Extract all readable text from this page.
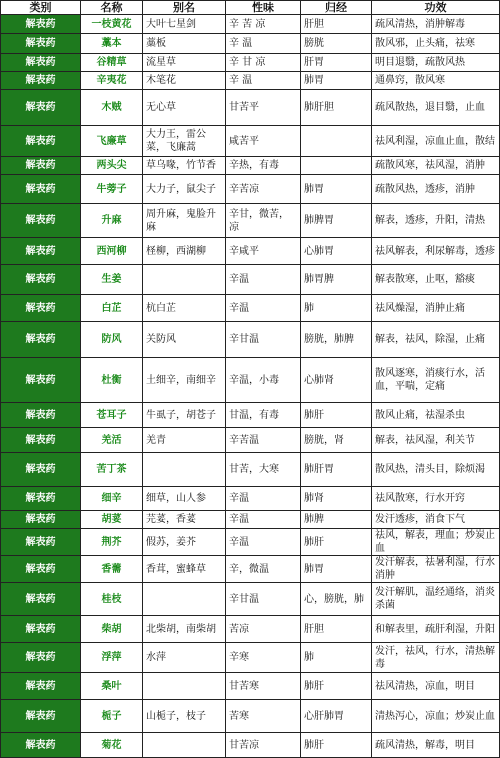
类别	名称	别名	性味	归经	功效
解表药	一枝黄花	大叶七星剑	辛 苦 凉	肝胆	疏风清热，消肿解毒
解表药	藁本	藁板	辛 温	膀胱	散风邪，止头痛，祛寒
解表药	谷精草	流星草	辛 甘 凉	肝胃	明目退翳，疏散风热
解表药	辛夷花	木笔花	辛 温	肺胃	通鼻窍，散风寒
解表药	木贼	无心草	甘苦平	肺肝胆	疏风散热，退目翳，止血
解表药	飞廉草	大力王，雷公菜，飞廉蒿	咸苦平		祛风利湿，凉血止血，散结
解表药	两头尖	草乌喙，竹节香	辛热，有毒		疏散风寒，祛风湿，消肿
解表药	牛蒡子	大力子，鼠尖子	辛苦凉	肺胃	疏散风热，透疹，消肿
解表药	升麻	周升麻，鬼脸升麻	辛甘，微苦，凉	肺脾胃	解表，透疹，升阳，清热
解表药	西河柳	柽柳，西湖柳	辛咸平	心肺胃	祛风解表，利尿解毒，透疹
解表药	生姜		辛温	肺胃脾	解表散寒，止呕，豁痰
解表药	白芷	杭白芷	辛温	肺	祛风燥湿，消肿止痛
解表药	防风	关防风	辛甘温	膀胱，肺脾	解表，祛风，除湿，止痛
解表药	杜衡	土细辛，南细辛	辛温，小毒	心肺肾	散风逐寒，消痰行水，活血，平喘，定痛
解表药	苍耳子	牛虱子，胡苍子	甘温，有毒	肺肝	散风止痛，祛湿杀虫
解表药	羌活	羌青	辛苦温	膀胱，肾	解表，祛风湿，利关节
解表药	苦丁茶		甘苦，大寒	肺肝胃	散风热，清头目，除烦渴
解表药	细辛	细草，山人参	辛温	肺肾	祛风散寒，行水开窍
解表药	胡荽	芫荽，香荽	辛温	肺脾	发汗透疹，消食下气
解表药	荆芥	假苏，姜芥	辛温	肺肝	祛风，解表，理血；炒炭止血
解表药	香薷	香茸，蜜蜂草	辛，微温	肺胃	发汗解表，祛暑利湿，行水消肿
解表药	桂枝		辛甘温	心，膀胱，肺	发汗解肌，温经通络，消炎杀菌
解表药	柴胡	北柴胡，南柴胡	苦凉	肝胆	和解表里，疏肝利湿，升阳
解表药	浮萍	水萍	辛寒	肺	发汗，祛风，行水，清热解毒
解表药	桑叶		甘苦寒	肺肝	祛风清热，凉血，明目
解表药	栀子	山栀子，枝子	苦寒	心肝肺胃	清热泻心，凉血；炒炭止血
解表药	菊花		甘苦凉	肺肝	疏风清热，解毒，明目
